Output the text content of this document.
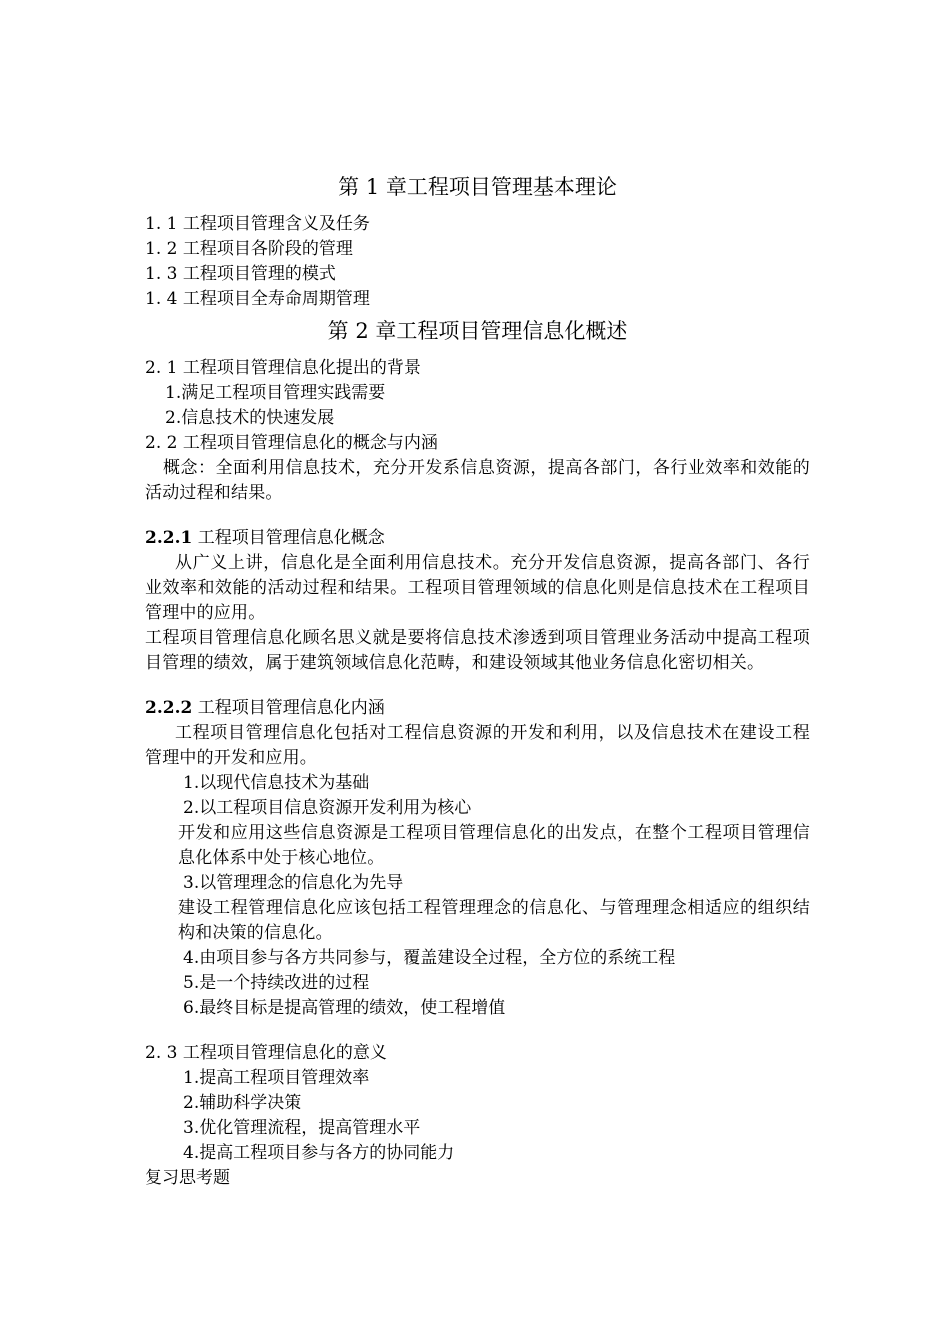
第 1 章工程项目管理基本理论
1. 1 工程项目管理含义及任务
1. 2 工程项目各阶段的管理
1. 3 工程项目管理的模式
1. 4 工程项目全寿命周期管理
第 2 章工程项目管理信息化概述
2. 1 工程项目管理信息化提出的背景
1.满足工程项目管理实践需要
2.信息技术的快速发展
2. 2 工程项目管理信息化的概念与内涵
概念：全面利用信息技术，充分开发系信息资源，提高各部门，各行业效率和效能的活动过程和结果。
2.2.1 工程项目管理信息化概念
从广义上讲，信息化是全面利用信息技术。充分开发信息资源，提高各部门、各行业效率和效能的活动过程和结果。工程项目管理领域的信息化则是信息技术在工程项目管理中的应用。
工程项目管理信息化顾名思义就是要将信息技术渗透到项目管理业务活动中提高工程项目管理的绩效，属于建筑领域信息化范畴，和建设领域其他业务信息化密切相关。
2.2.2 工程项目管理信息化内涵
工程项目管理信息化包括对工程信息资源的开发和利用，以及信息技术在建设工程管理中的开发和应用。
1.以现代信息技术为基础
2.以工程项目信息资源开发利用为核心
开发和应用这些信息资源是工程项目管理信息化的出发点，在整个工程项目管理信息化体系中处于核心地位。
3.以管理理念的信息化为先导
建设工程管理信息化应该包括工程管理理念的信息化、与管理理念相适应的组织结构和决策的信息化。
4.由项目参与各方共同参与，覆盖建设全过程，全方位的系统工程
5.是一个持续改进的过程
6.最终目标是提高管理的绩效，使工程增值
2. 3 工程项目管理信息化的意义
1.提高工程项目管理效率
2.辅助科学决策
3.优化管理流程，提高管理水平
4.提高工程项目参与各方的协同能力
复习思考题
